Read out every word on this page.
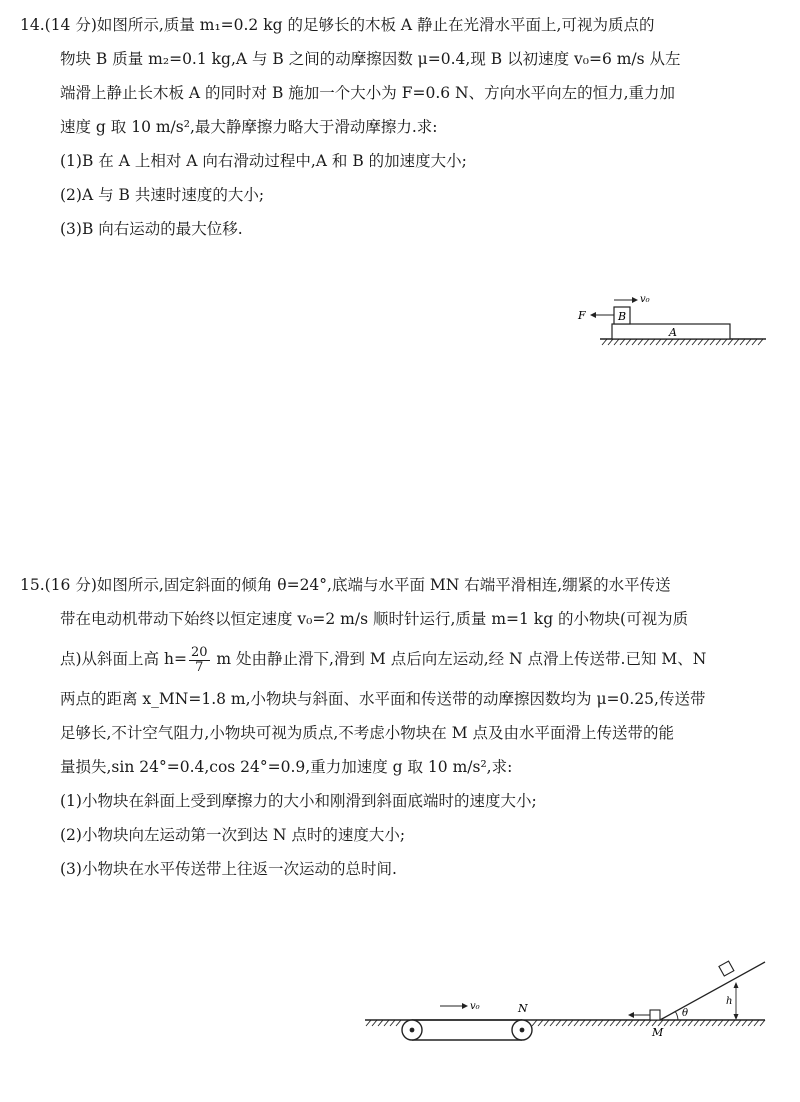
14.(14 分)如图所示,质量 m₁=0.2 kg 的足够长的木板 A 静止在光滑水平面上,可视为质点的
物块 B 质量 m₂=0.1 kg,A 与 B 之间的动摩擦因数 μ=0.4,现 B 以初速度 v₀=6 m/s 从左
端滑上静止长木板 A 的同时对 B 施加一个大小为 F=0.6 N、方向水平向左的恒力,重力加
速度 g 取 10 m/s²,最大静摩擦力略大于滑动摩擦力.求:
(1)B 在 A 上相对 A 向右滑动过程中,A 和 B 的加速度大小;
(2)A 与 B 共速时速度的大小;
(3)B 向右运动的最大位移.
A
B
F
v₀
15.(16 分)如图所示,固定斜面的倾角 θ=24°,底端与水平面 MN 右端平滑相连,绷紧的水平传送
带在电动机带动下始终以恒定速度 v₀=2 m/s 顺时针运行,质量 m=1 kg 的小物块(可视为质
点)从斜面上高 $h= \frac{20}{7}$ m 处由静止滑下,滑到 M 点后向左运动,经 N 点滑上传送带.已知 M、N
两点的距离 x_MN=1.8 m,小物块与斜面、水平面和传送带的动摩擦因数均为 μ=0.25,传送带
足够长,不计空气阻力,小物块可视为质点,不考虑小物块在 M 点及由水平面滑上传送带的能
量损失,sin 24°=0.4,cos 24°=0.9,重力加速度 g 取 10 m/s²,求:
(1)小物块在斜面上受到摩擦力的大小和刚滑到斜面底端时的速度大小;
(2)小物块向左运动第一次到达 N 点时的速度大小;
(3)小物块在水平传送带上往返一次运动的总时间.
v₀	N
M
θ
h
